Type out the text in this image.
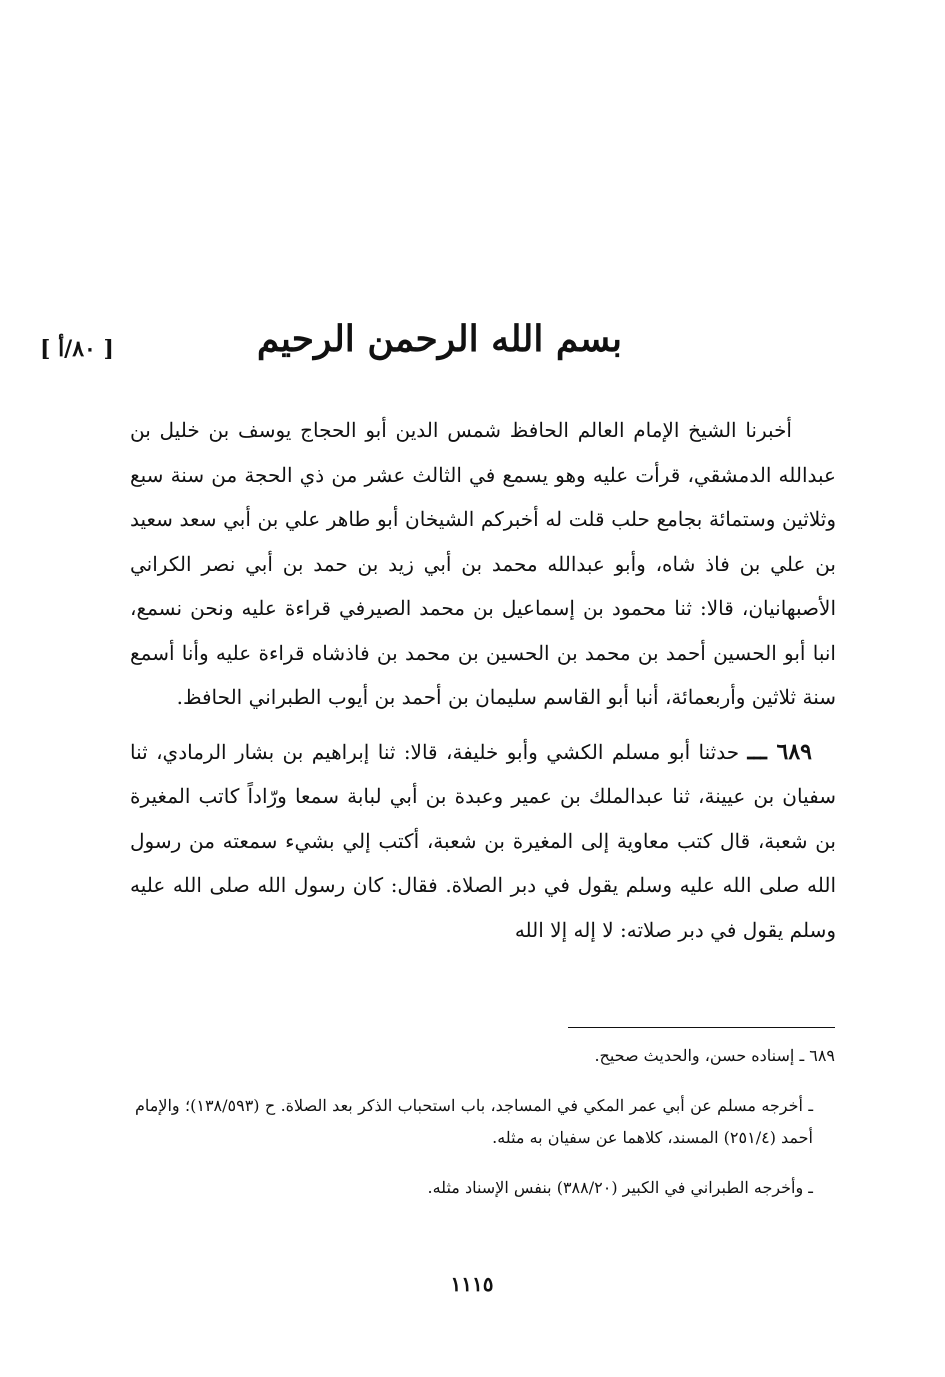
[ ٨٠/أ ]	بسم الله الرحمن الرحيم

أخبرنا الشيخ الإمام العالم الحافظ شمس الدين أبو الحجاج يوسف بن خليل بن عبدالله الدمشقي، قرأت عليه وهو يسمع في الثالث عشر من ذي الحجة من سنة سبع وثلاثين وستمائة بجامع حلب قلت له أخبركم الشيخان أبو طاهر علي بن أبي سعد سعيد بن علي بن فاذ شاه، وأبو عبدالله محمد بن أبي زيد بن حمد بن أبي نصر الكراني الأصبهانيان، قالا: ثنا محمود بن إسماعيل بن محمد الصيرفي قراءة عليه ونحن نسمع، انبا أبو الحسين أحمد بن محمد بن الحسين بن محمد بن فاذشاه قراءة عليه وأنا أسمع سنة ثلاثين وأربعمائة، أنبا أبو القاسم سليمان بن أحمد بن أيوب الطبراني الحافظ.

٦٨٩ ـــ حدثنا أبو مسلم الكشي وأبو خليفة، قالا: ثنا إبراهيم بن بشار الرمادي، ثنا سفيان بن عيينة، ثنا عبدالملك بن عمير وعبدة بن أبي لبابة سمعا ورّاداً كاتب المغيرة بن شعبة، قال كتب معاوية إلى المغيرة بن شعبة، أكتب إلي بشيء سمعته من رسول الله صلى الله عليه وسلم يقول في دبر الصلاة. فقال: كان رسول الله صلى الله عليه وسلم يقول في دبر صلاته: لا إله إلا الله

٦٨٩ ـ إسناده حسن، والحديث صحيح.

ـ أخرجه مسلم عن أبي عمر المكي في المساجد، باب استحباب الذكر بعد الصلاة. ح (١٣٨/٥٩٣)؛ والإمام أحمد (٢٥١/٤) المسند، كلاهما عن سفيان به مثله.

ـ وأخرجه الطبراني في الكبير (٣٨٨/٢٠) بنفس الإسناد مثله.

١١١٥
